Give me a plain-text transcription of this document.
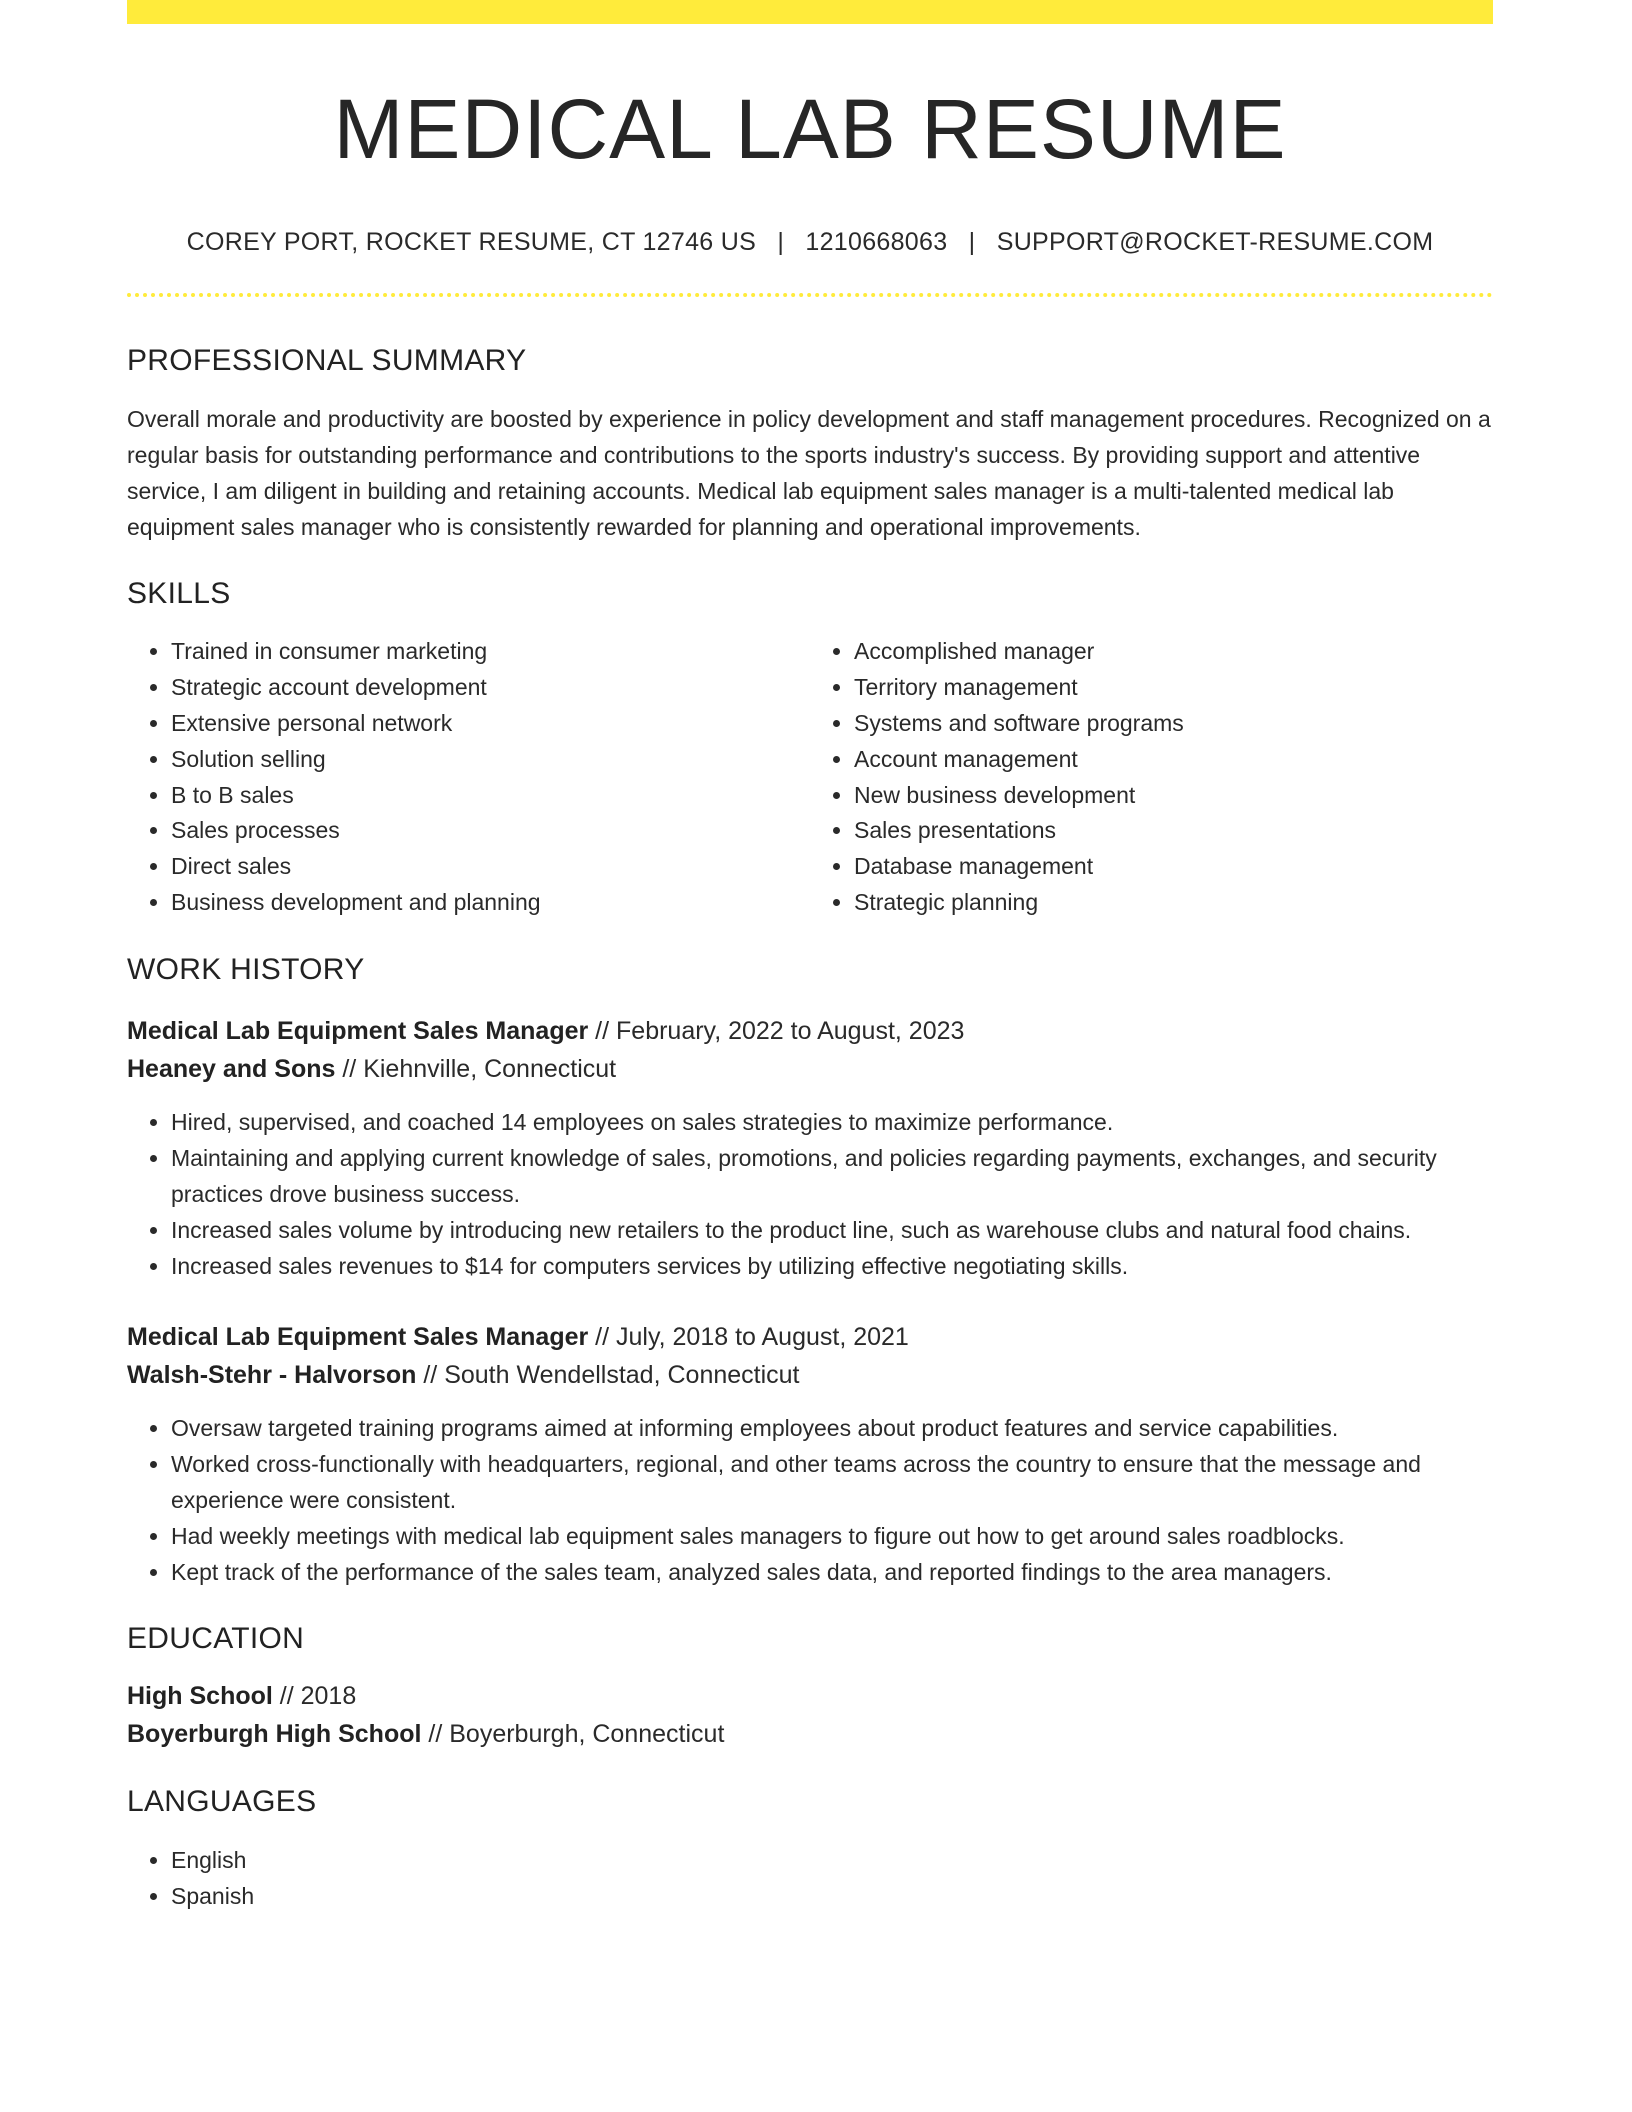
MEDICAL LAB RESUME
COREY PORT, ROCKET RESUME, CT 12746 US | 1210668063 | SUPPORT@ROCKET-RESUME.COM
PROFESSIONAL SUMMARY

Overall morale and productivity are boosted by experience in policy development and staff management procedures. Recognized on a regular basis for outstanding performance and contributions to the sports industry's success. By providing support and attentive service, I am diligent in building and retaining accounts. Medical lab equipment sales manager is a multi-talented medical lab equipment sales manager who is consistently rewarded for planning and operational improvements.

SKILLS
• Trained in consumer marketing
• Strategic account development
• Extensive personal network
• Solution selling
• B to B sales
• Sales processes
• Direct sales
• Business development and planning
• Accomplished manager
• Territory management
• Systems and software programs
• Account management
• New business development
• Sales presentations
• Database management
• Strategic planning
WORK HISTORY
Medical Lab Equipment Sales Manager // February, 2022 to August, 2023
Heaney and Sons // Kiehnville, Connecticut
• Hired, supervised, and coached 14 employees on sales strategies to maximize performance.
• Maintaining and applying current knowledge of sales, promotions, and policies regarding payments, exchanges, and security practices drove business success.
• Increased sales volume by introducing new retailers to the product line, such as warehouse clubs and natural food chains.
• Increased sales revenues to $14 for computers services by utilizing effective negotiating skills.
Medical Lab Equipment Sales Manager // July, 2018 to August, 2021
Walsh-Stehr - Halvorson // South Wendellstad, Connecticut
• Oversaw targeted training programs aimed at informing employees about product features and service capabilities.
• Worked cross-functionally with headquarters, regional, and other teams across the country to ensure that the message and experience were consistent.
• Had weekly meetings with medical lab equipment sales managers to figure out how to get around sales roadblocks.
• Kept track of the performance of the sales team, analyzed sales data, and reported findings to the area managers.
EDUCATION
High School // 2018
Boyerburgh High School // Boyerburgh, Connecticut
LANGUAGES
• English
• Spanish
